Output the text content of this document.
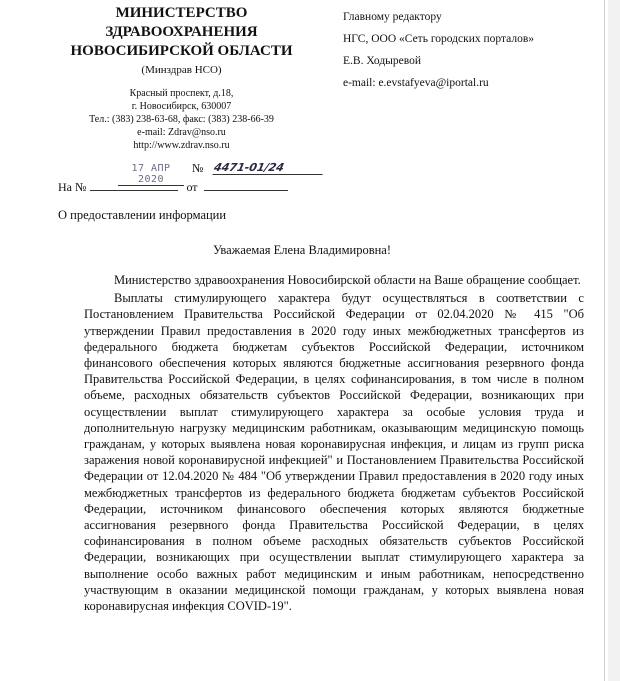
МИНИСТЕРСТВО
ЗДРАВООХРАНЕНИЯ
НОВОСИБИРСКОЙ ОБЛАСТИ
(Минздрав НСО)
Красный проспект, д.18,
г. Новосибирск, 630007
Тел.: (383) 238-63-68, факс: (383) 238-66-39
e-mail: Zdrav@nso.ru
http://www.zdrav.nso.ru
Главному редактору
НГС, ООО «Сеть городских порталов»
Е.В. Ходыревой
e-mail: e.evstafyeva@iportal.ru
17 АПР 2020
№ 4471-01/24
На №	от
О предоставлении информации
Уважаемая Елена Владимировна!

Министерство здравоохранения Новосибирской области на Ваше обращение сообщает.

Выплаты стимулирующего характера будут осуществляться в соответствии с Постановлением Правительства Российской Федерации от 02.04.2020 № 415 "Об утверждении Правил предоставления в 2020 году иных межбюджетных трансфертов из федерального бюджета бюджетам субъектов Российской Федерации, источником финансового обеспечения которых являются бюджетные ассигнования резервного фонда Правительства Российской Федерации, в целях софинансирования, в том числе в полном объеме, расходных обязательств субъектов Российской Федерации, возникающих при осуществлении выплат стимулирующего характера за особые условия труда и дополнительную нагрузку медицинским работникам, оказывающим медицинскую помощь гражданам, у которых выявлена новая коронавирусная инфекция, и лицам из групп риска заражения новой коронавирусной инфекцией" и Постановлением Правительства Российской Федерации от 12.04.2020 № 484 "Об утверждении Правил предоставления в 2020 году иных межбюджетных трансфертов из федерального бюджета бюджетам субъектов Российской Федерации, источником финансового обеспечения которых являются бюджетные ассигнования резервного фонда Правительства Российской Федерации, в целях софинансирования в полном объеме расходных обязательств субъектов Российской Федерации, возникающих при осуществлении выплат стимулирующего характера за выполнение особо важных работ медицинским и иным работникам, непосредственно участвующим в оказании медицинской помощи гражданам, у которых выявлена новая коронавирусная инфекция COVID-19".
